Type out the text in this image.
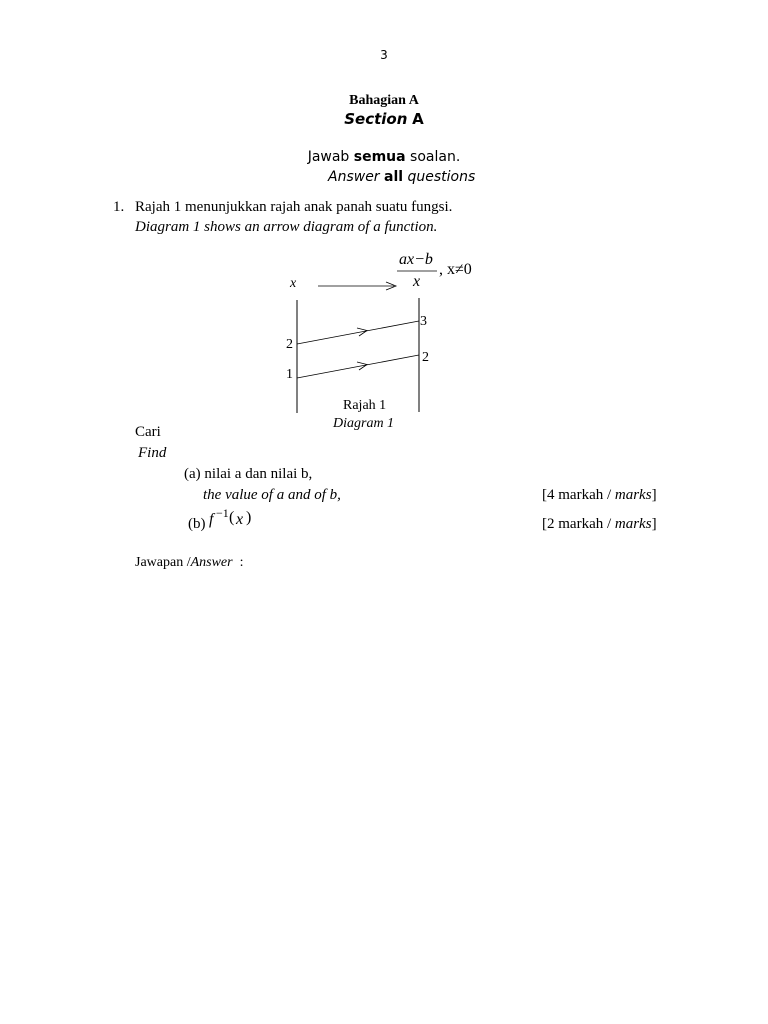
3
Bahagian A
Section A
Jawab semua soalan.
Answer all questions
1. Rajah 1 menunjukkan rajah anak panah suatu fungsi.
Diagram 1 shows an arrow diagram of a function.
x
ax−b
x
, x≠0
2
1
3
2
Rajah 1
Diagram 1
Cari
Find
(a) nilai a dan nilai b,
the value of a and of b,	[4 markah / marks]
(b) f −1 ( x )	[2 markah / marks]
Jawapan /Answer  :
